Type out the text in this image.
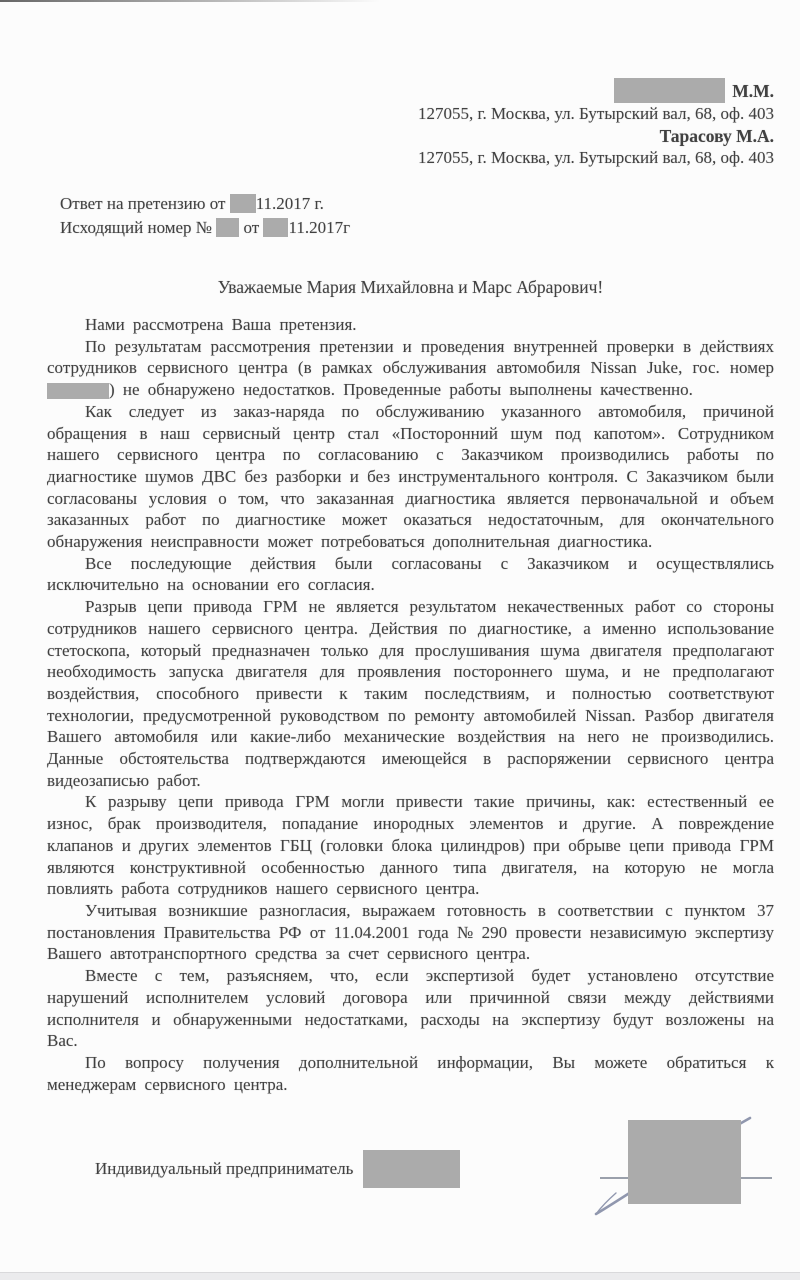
М.М.
127055, г. Москва, ул. Бутырский вал, 68, оф. 403
Тарасову М.А.
127055, г. Москва, ул. Бутырский вал, 68, оф. 403
Ответ на претензию от 11.2017 г.
Исходящий номер № от 11.2017г
Уважаемые Мария Михайловна и Марс Абрарович!

Нами рассмотрена Ваша претензия.

По результатам рассмотрения претензии и проведения внутренней проверки в действиях сотрудников сервисного центра (в рамках обслуживания автомобиля Nissan Juke, гос. номер ) не обнаружено недостатков. Проведенные работы выполнены качественно.

Как следует из заказ-наряда по обслуживанию указанного автомобиля, причиной обращения в наш сервисный центр стал «Посторонний шум под капотом». Сотрудником нашего сервисного центра по согласованию с Заказчиком производились работы по диагностике шумов ДВС без разборки и без инструментального контроля. С Заказчиком были согласованы условия о том, что заказанная диагностика является первоначальной и объем заказанных работ по диагностике может оказаться недостаточным, для окончательного обнаружения неисправности может потребоваться дополнительная диагностика.

Все последующие действия были согласованы с Заказчиком и осуществлялись исключительно на основании его согласия.

Разрыв цепи привода ГРМ не является результатом некачественных работ со стороны сотрудников нашего сервисного центра. Действия по диагностике, а именно использование стетоскопа, который предназначен только для прослушивания шума двигателя предполагают необходимость запуска двигателя для проявления постороннего шума, и не предполагают воздействия, способного привести к таким последствиям, и полностью соответствуют технологии, предусмотренной руководством по ремонту автомобилей Nissan. Разбор двигателя Вашего автомобиля или какие-либо механические воздействия на него не производились. Данные обстоятельства подтверждаются имеющейся в распоряжении сервисного центра видеозаписью работ.

К разрыву цепи привода ГРМ могли привести такие причины, как: естественный ее износ, брак производителя, попадание инородных элементов и другие. А повреждение клапанов и других элементов ГБЦ (головки блока цилиндров) при обрыве цепи привода ГРМ являются конструктивной особенностью данного типа двигателя, на которую не могла повлиять работа сотрудников нашего сервисного центра.

Учитывая возникшие разногласия, выражаем готовность в соответствии с пунктом 37 постановления Правительства РФ от 11.04.2001 года № 290 провести независимую экспертизу Вашего автотранспортного средства за счет сервисного центра.

Вместе с тем, разъясняем, что, если экспертизой будет установлено отсутствие нарушений исполнителем условий договора или причинной связи между действиями исполнителя и обнаруженными недостатками, расходы на экспертизу будут возложены на Вас.

По вопросу получения дополнительной информации, Вы можете обратиться к менеджерам сервисного центра.

Индивидуальный предприниматель
